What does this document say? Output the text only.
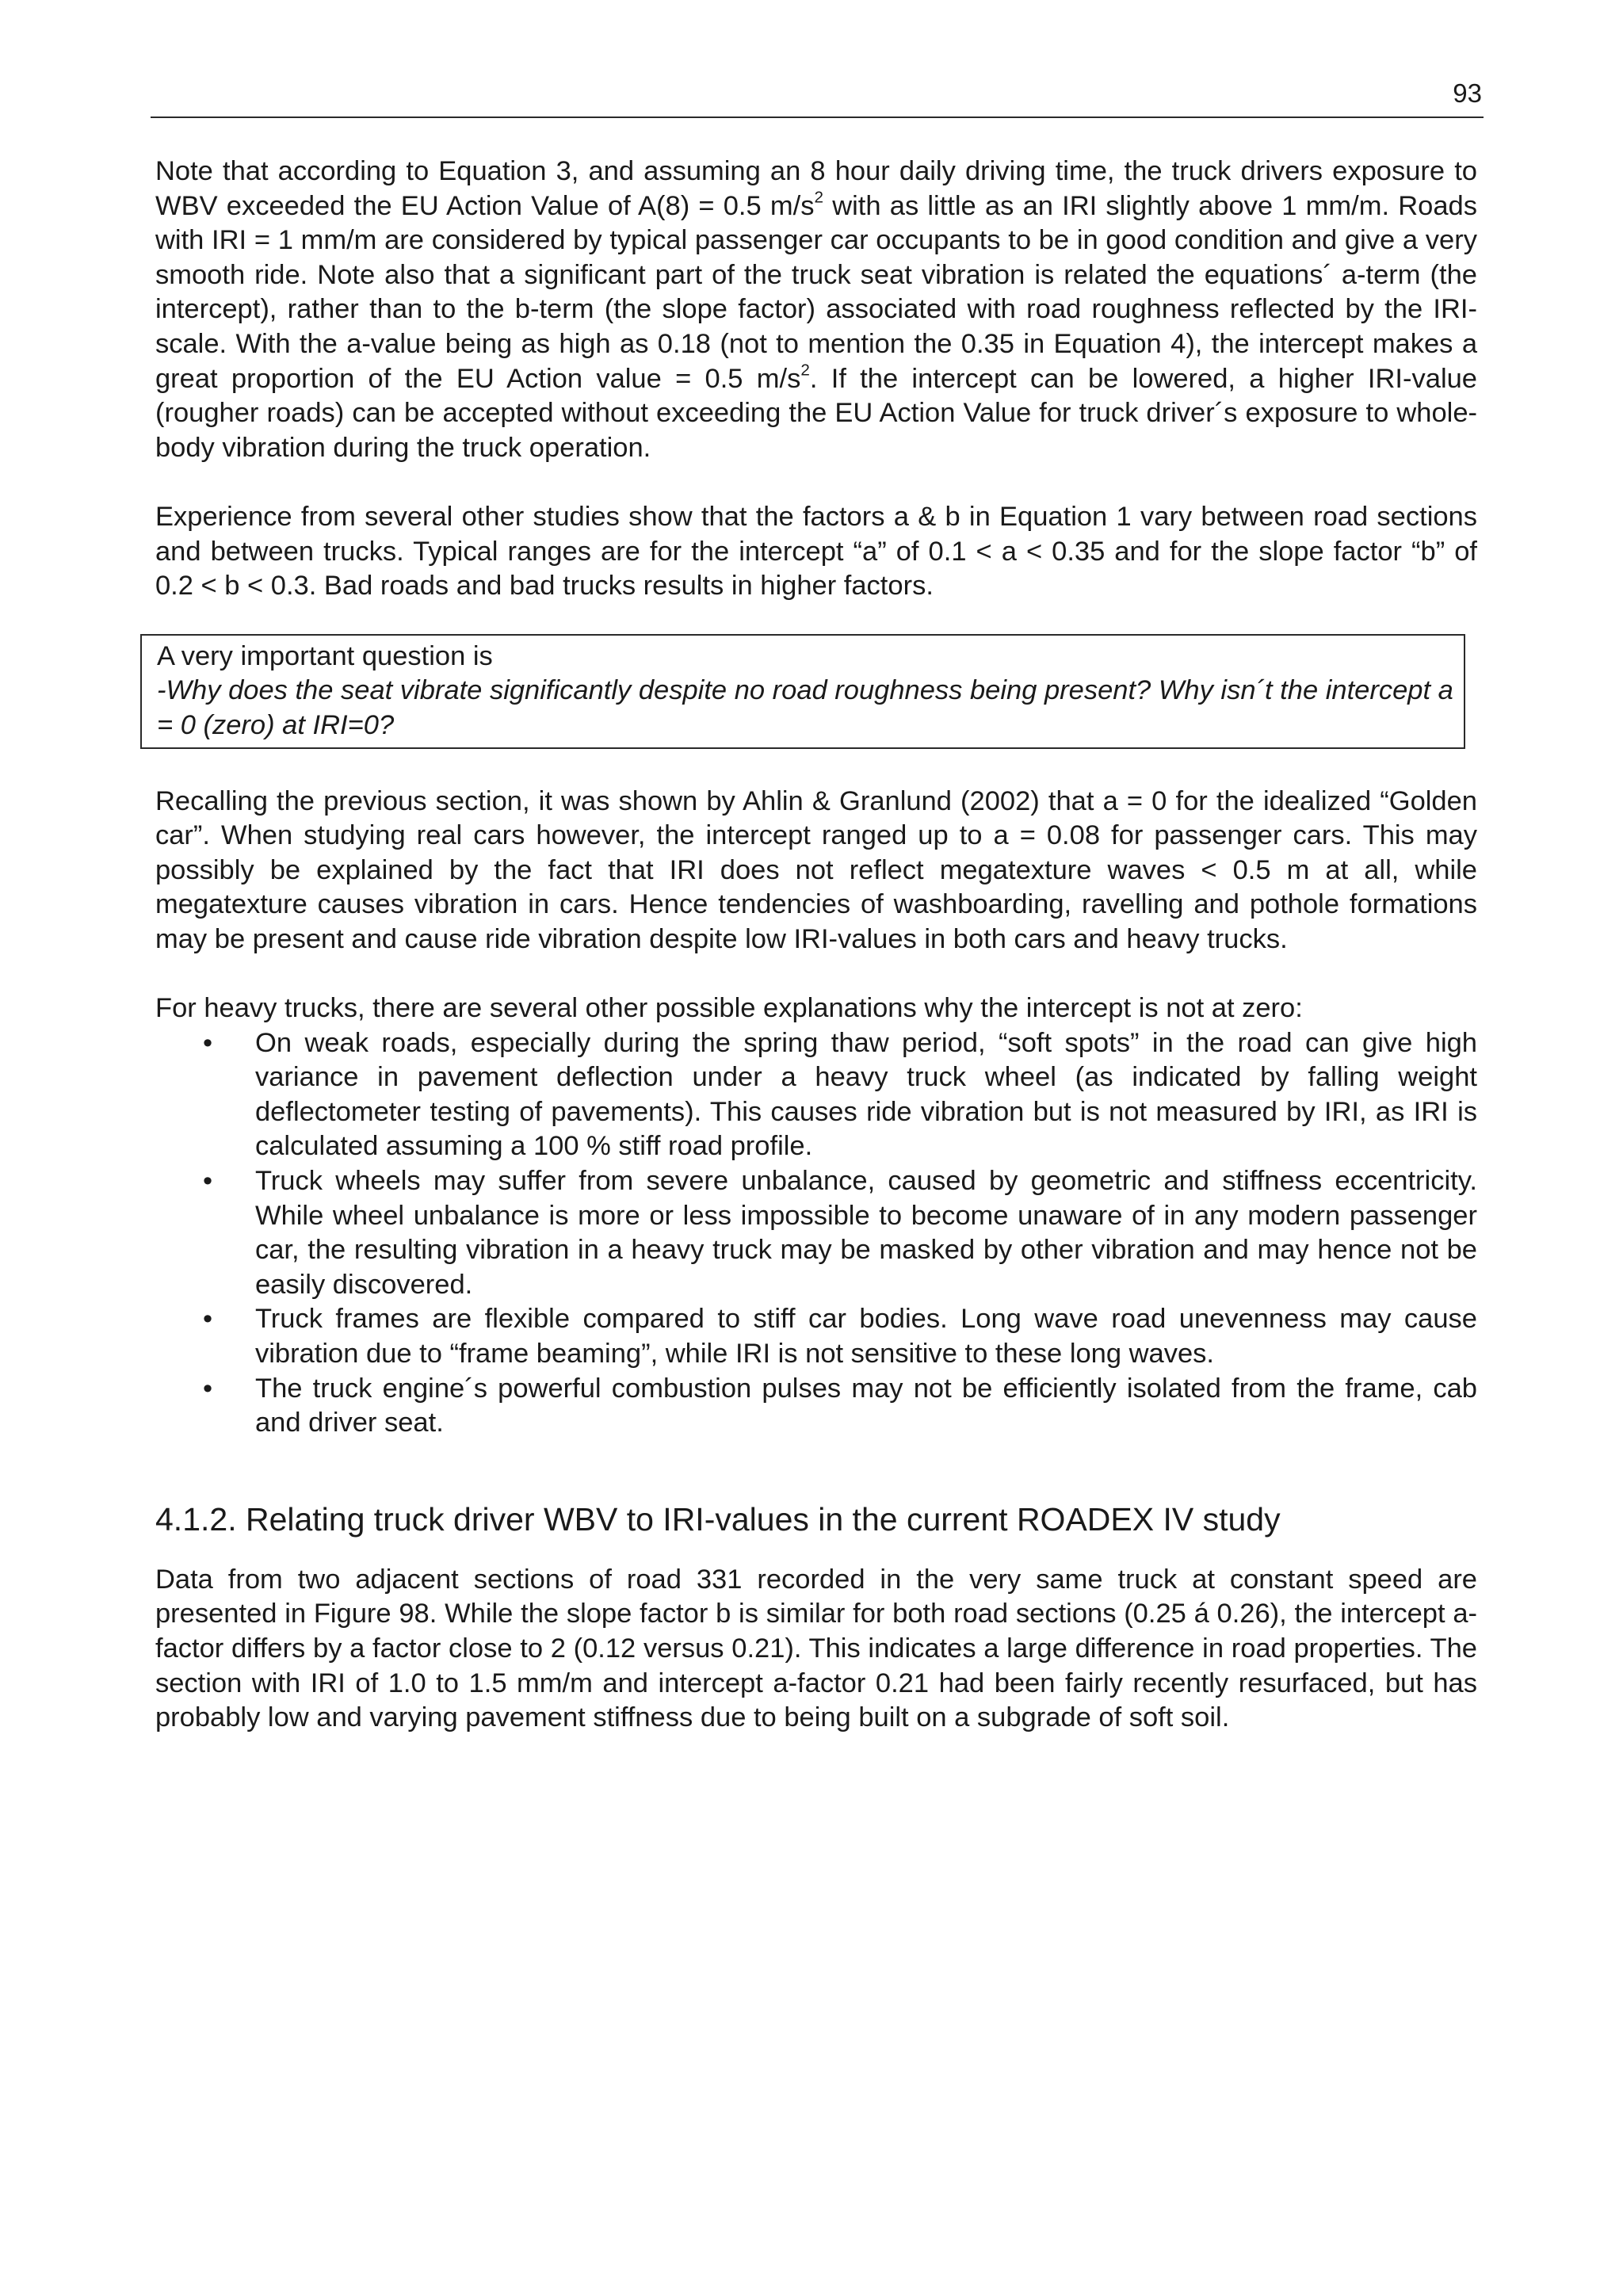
93

Note that according to Equation 3, and assuming an 8 hour daily driving time, the truck drivers exposure to WBV exceeded the EU Action Value of A(8) = 0.5 $m/s^2$ with as little as an IRI slightly above 1 mm/m. Roads with IRI = 1 mm/m are considered by typical passenger car occupants to be in good condition and give a very smooth ride. Note also that a significant part of the truck seat vibration is related the equations´ a-term (the intercept), rather than to the b-term (the slope factor) associated with road roughness reflected by the IRI-scale. With the a-value being as high as 0.18 (not to mention the 0.35 in Equation 4), the intercept makes a great proportion of the EU Action value = 0.5 $m/s^2$. If the intercept can be lowered, a higher IRI-value (rougher roads) can be accepted without exceeding the EU Action Value for truck driver´s exposure to whole-body vibration during the truck operation.

Experience from several other studies show that the factors a & b in Equation 1 vary between road sections and between trucks. Typical ranges are for the intercept “a” of 0.1 < a < 0.35 and for the slope factor “b” of 0.2 < b < 0.3. Bad roads and bad trucks results in higher factors.

A very important question is
-Why does the seat vibrate significantly despite no road roughness being present? Why isn´t the intercept a = 0 (zero) at IRI=0?

Recalling the previous section, it was shown by Ahlin & Granlund (2002) that a = 0 for the idealized “Golden car”. When studying real cars however, the intercept ranged up to a = 0.08 for passenger cars. This may possibly be explained by the fact that IRI does not reflect megatexture waves < 0.5 m at all, while megatexture causes vibration in cars. Hence tendencies of washboarding, ravelling and pothole formations may be present and cause ride vibration despite low IRI-values in both cars and heavy trucks.

For heavy trucks, there are several other possible explanations why the intercept is not at zero:

• On weak roads, especially during the spring thaw period, “soft spots” in the road can give high variance in pavement deflection under a heavy truck wheel (as indicated by falling weight deflectometer testing of pavements). This causes ride vibration but is not measured by IRI, as IRI is calculated assuming a 100 % stiff road profile.
• Truck wheels may suffer from severe unbalance, caused by geometric and stiffness eccentricity. While wheel unbalance is more or less impossible to become unaware of in any modern passenger car, the resulting vibration in a heavy truck may be masked by other vibration and may hence not be easily discovered.
• Truck frames are flexible compared to stiff car bodies. Long wave road unevenness may cause vibration due to “frame beaming”, while IRI is not sensitive to these long waves.
• The truck engine´s powerful combustion pulses may not be efficiently isolated from the frame, cab and driver seat.
4.1.2. Relating truck driver WBV to IRI-values in the current ROADEX IV study

Data from two adjacent sections of road 331 recorded in the very same truck at constant speed are presented in Figure 98. While the slope factor b is similar for both road sections (0.25 á 0.26), the intercept a-factor differs by a factor close to 2 (0.12 versus 0.21). This indicates a large difference in road properties. The section with IRI of 1.0 to 1.5 mm/m and intercept a-factor 0.21 had been fairly recently resurfaced, but has probably low and varying pavement stiffness due to being built on a subgrade of soft soil.
